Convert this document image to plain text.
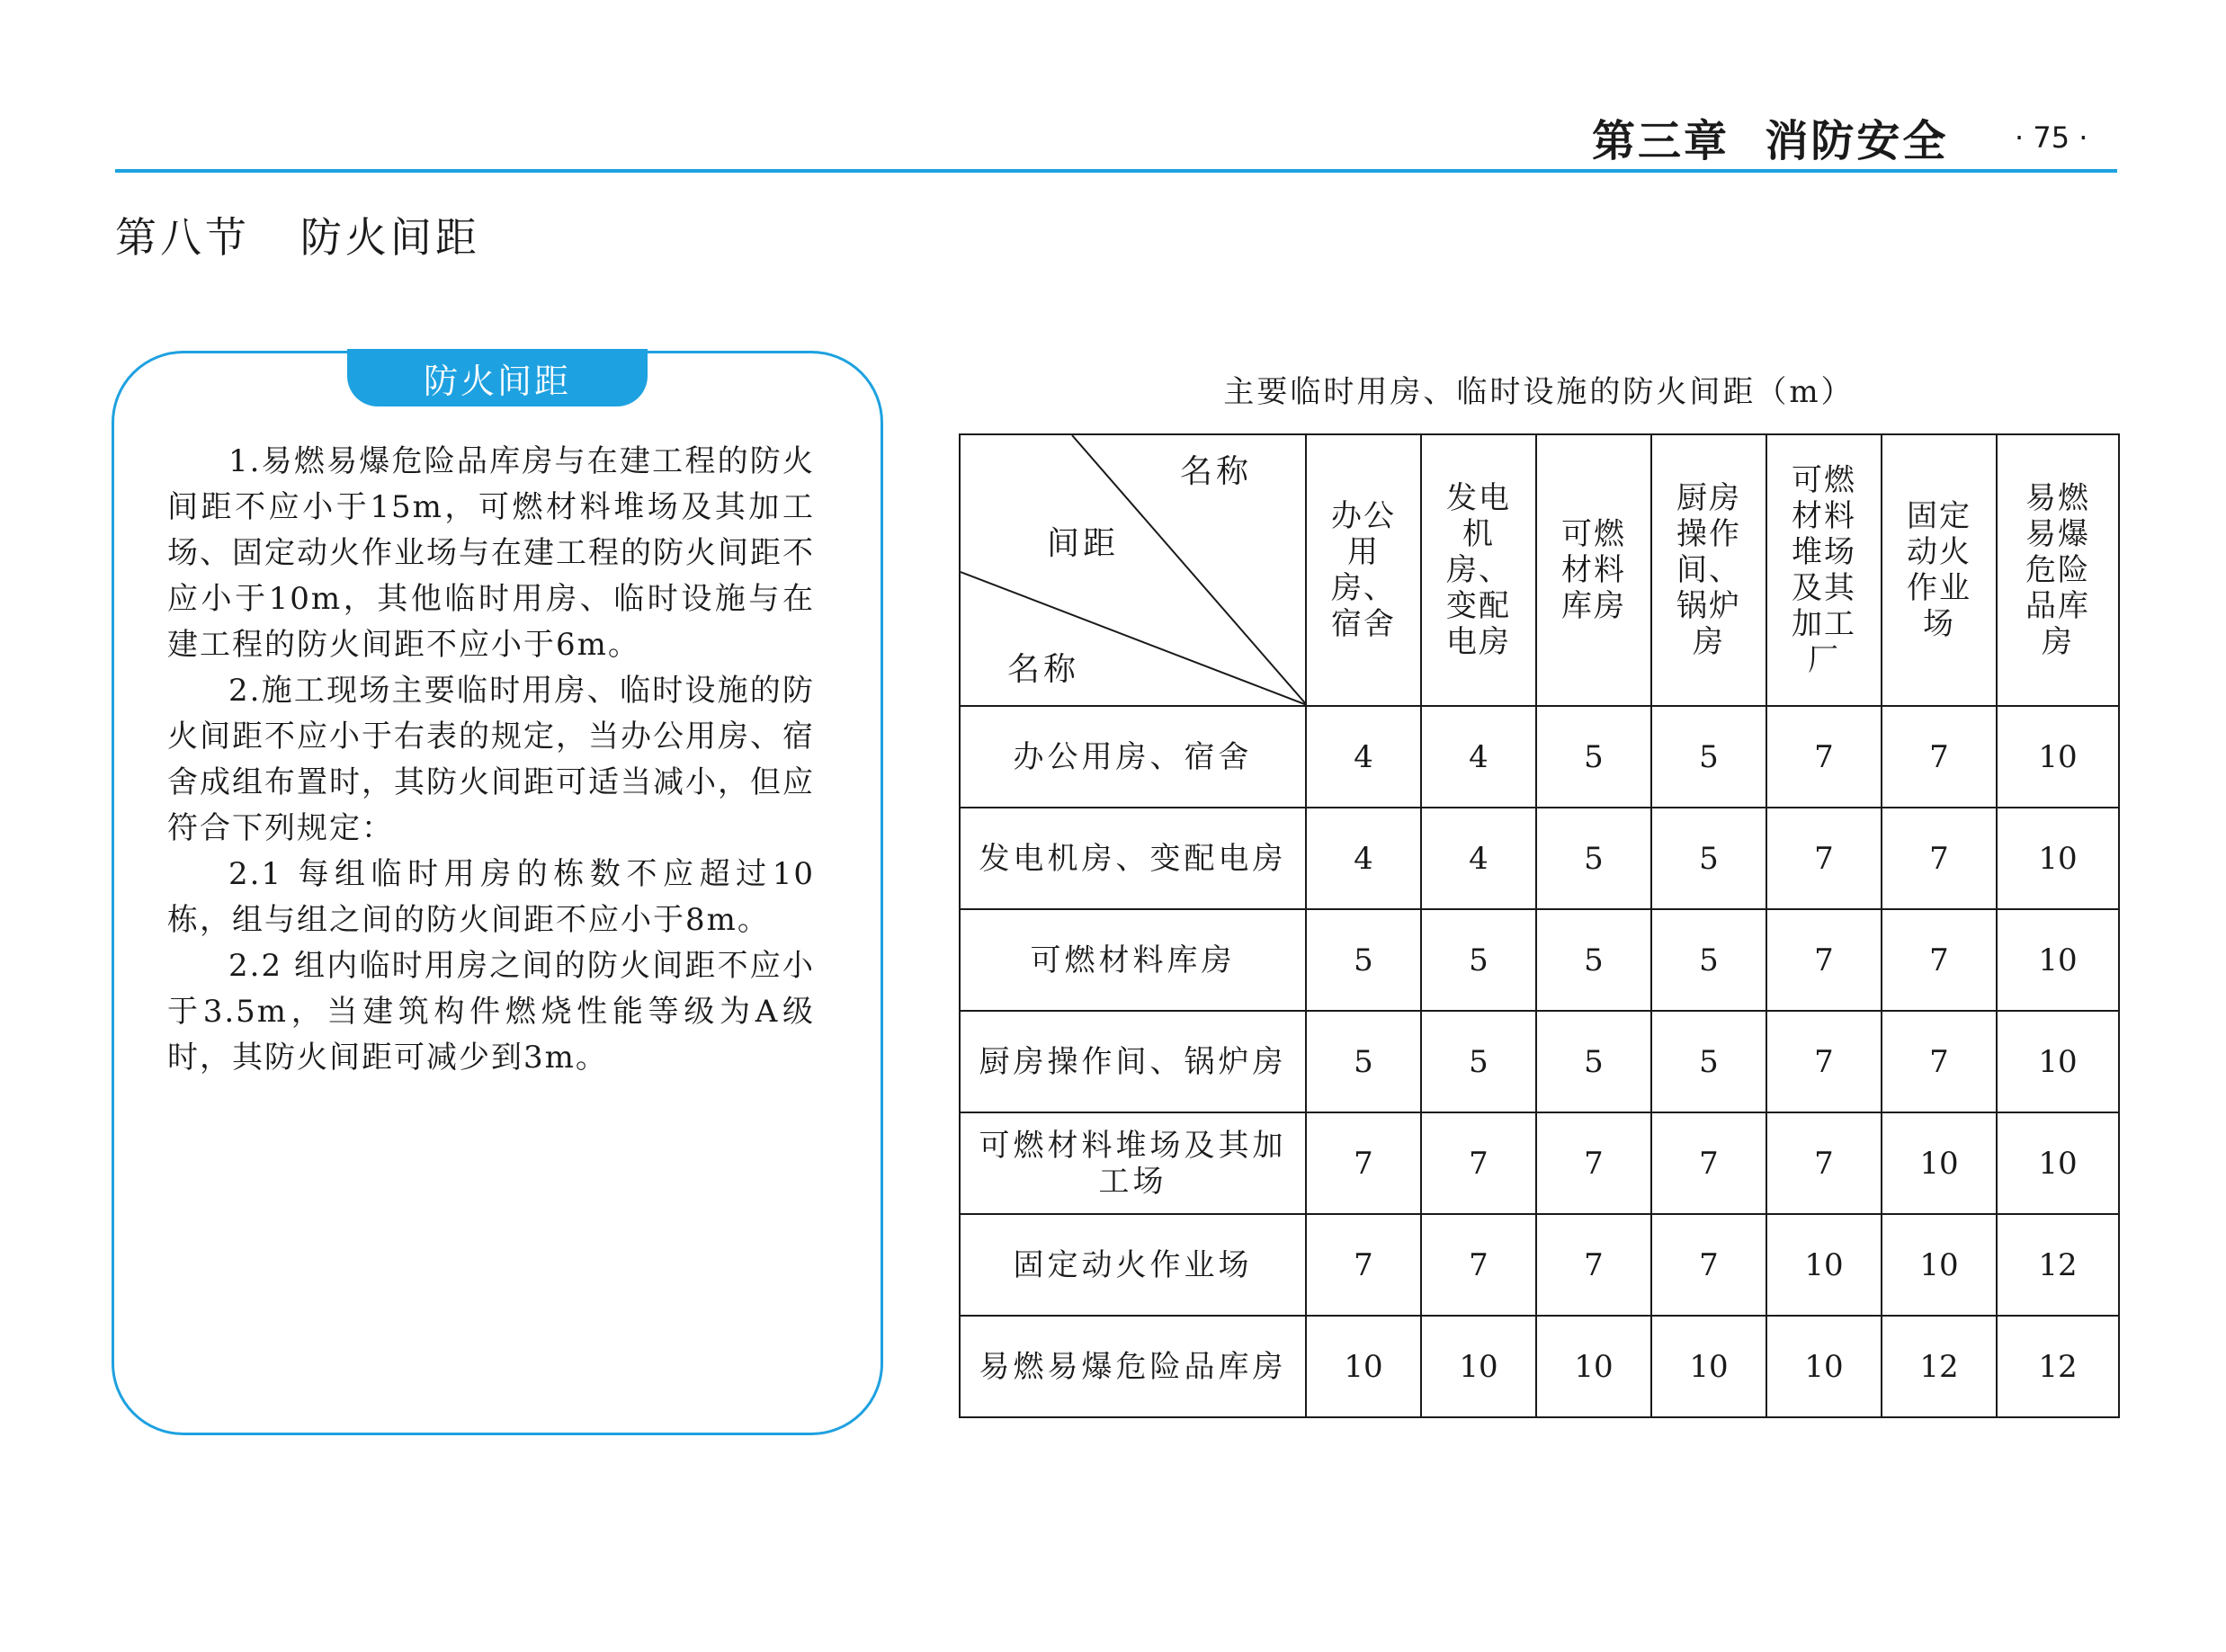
第三章  消防安全 · 75 ·
第八节   防火间距
防火间距

1.易燃易爆危险品库房与在建工程的防火间距不应小于15m，可燃材料堆场及其加工场、固定动火作业场与在建工程的防火间距不应小于10m，其他临时用房、临时设施与在建工程的防火间距不应小于6m。

2.施工现场主要临时用房、临时设施的防火间距不应小于右表的规定，当办公用房、宿舍成组布置时，其防火间距可适当减小，但应符合下列规定：

2.1 每组临时用房的栋数不应超过10栋，组与组之间的防火间距不应小于8m。

2.2 组内临时用房之间的防火间距不应小于3.5m，当建筑构件燃烧性能等级为A级时，其防火间距可减少到3m。

主要临时用房、临时设施的防火间距（m）
名称
间距
名称	办公用房、宿舍	发电机房、变配电房	可燃材料库房	厨房操作间、锅炉房	可燃材料堆场及其加工厂	固定动火作业场	易燃易爆危险品库房
办公用房、宿舍	4	4	5	5	7	7	10
发电机房、变配电房	4	4	5	5	7	7	10
可燃材料库房	5	5	5	5	7	7	10
厨房操作间、锅炉房	5	5	5	5	7	7	10
可燃材料堆场及其加工场	7	7	7	7	7	10	10
固定动火作业场	7	7	7	7	10	10	12
易燃易爆危险品库房	10	10	10	10	10	12	12
